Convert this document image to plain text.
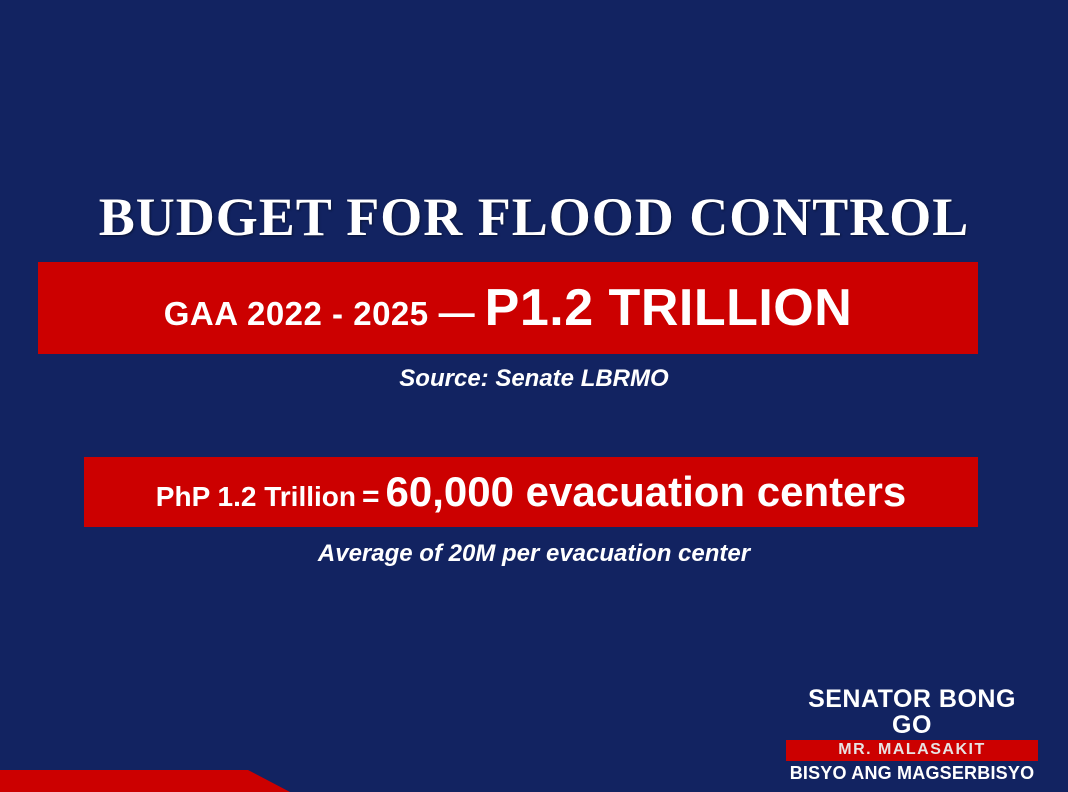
BUDGET FOR FLOOD CONTROL
GAA 2022 - 2025 — P1.2 TRILLION
Source: Senate LBRMO
PhP 1.2 Trillion = 60,000 evacuation centers
Average of 20M per evacuation center
SENATOR BONG GO
MR. MALASAKIT
BISYO ANG MAGSERBISYO
